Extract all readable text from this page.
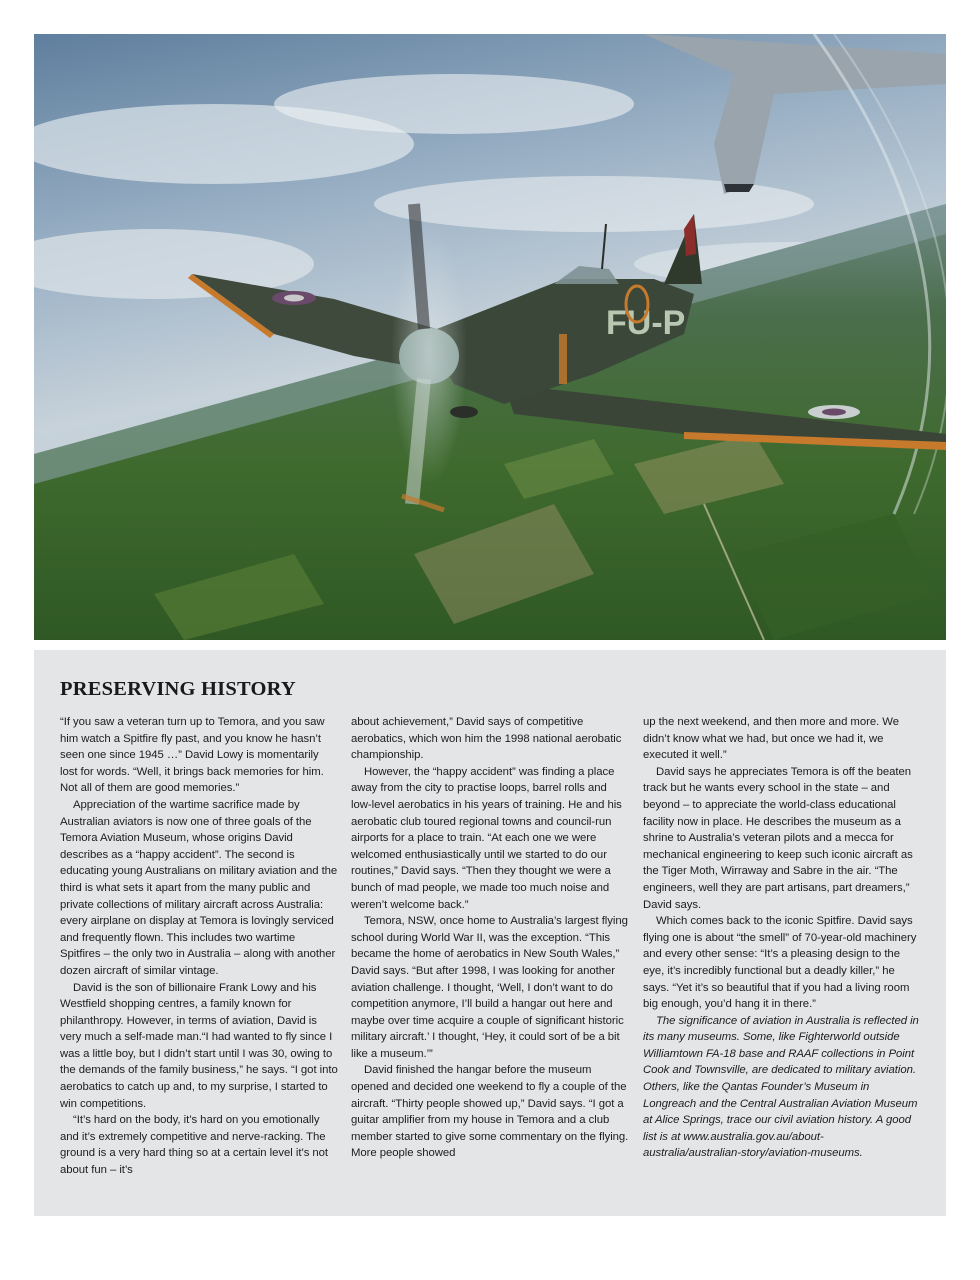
FU-P
PRESERVING HISTORY

“If you saw a veteran turn up to Temora, and you saw him watch a Spitfire fly past, and you know he hasn’t seen one since 1945 …” David Lowy is momentarily lost for words. “Well, it brings back memories for him. Not all of them are good memories.”

Appreciation of the wartime sacrifice made by Australian aviators is now one of three goals of the Temora Aviation Museum, whose origins David describes as a “happy accident”. The second is educating young Australians on military aviation and the third is what sets it apart from the many public and private collections of military aircraft across Australia: every airplane on display at Temora is lovingly serviced and frequently flown. This includes two wartime Spitfires – the only two in Australia – along with another dozen aircraft of similar vintage.

David is the son of billionaire Frank Lowy and his Westfield shopping centres, a family known for philanthropy. However, in terms of aviation, David is very much a self-made man.“I had wanted to fly since I was a little boy, but I didn’t start until I was 30, owing to the demands of the family business,” he says. “I got into aerobatics to catch up and, to my surprise, I started to win competitions.

“It’s hard on the body, it’s hard on you emotionally and it’s extremely competitive and nerve-racking. The ground is a very hard thing so at a certain level it’s not about fun – it’s

about achievement,” David says of competitive aerobatics, which won him the 1998 national aerobatic championship.

However, the “happy accident” was finding a place away from the city to practise loops, barrel rolls and low-level aerobatics in his years of training. He and his aerobatic club toured regional towns and council-run airports for a place to train. “At each one we were welcomed enthusiastically until we started to do our routines,” David says. “Then they thought we were a bunch of mad people, we made too much noise and weren’t welcome back.”

Temora, NSW, once home to Australia’s largest flying school during World War II, was the exception. “This became the home of aerobatics in New South Wales,” David says. “But after 1998, I was looking for another aviation challenge. I thought, ‘Well, I don’t want to do competition anymore, I’ll build a hangar out here and maybe over time acquire a couple of significant historic military aircraft.’ I thought, ‘Hey, it could sort of be a bit like a museum.’”

David finished the hangar before the museum opened and decided one weekend to fly a couple of the aircraft. “Thirty people showed up,” David says. “I got a guitar amplifier from my house in Temora and a club member started to give some commentary on the flying. More people showed

up the next weekend, and then more and more. We didn’t know what we had, but once we had it, we executed it well.”

David says he appreciates Temora is off the beaten track but he wants every school in the state – and beyond – to appreciate the world-class educational facility now in place. He describes the museum as a shrine to Australia’s veteran pilots and a mecca for mechanical engineering to keep such iconic aircraft as the Tiger Moth, Wirraway and Sabre in the air. “The engineers, well they are part artisans, part dreamers,” David says.

Which comes back to the iconic Spitfire. David says flying one is about “the smell” of 70-year-old machinery and every other sense: “It’s a pleasing design to the eye, it’s incredibly functional but a deadly killer,” he says. “Yet it’s so beautiful that if you had a living room big enough, you’d hang it in there.”

The significance of aviation in Australia is reflected in its many museums. Some, like Fighterworld outside Williamtown FA-18 base and RAAF collections in Point Cook and Townsville, are dedicated to military aviation. Others, like the Qantas Founder’s Museum in Longreach and the Central Australian Aviation Museum at Alice Springs, trace our civil aviation history. A good list is at www.australia.gov.au/about-australia/australian-story/aviation-museums.
